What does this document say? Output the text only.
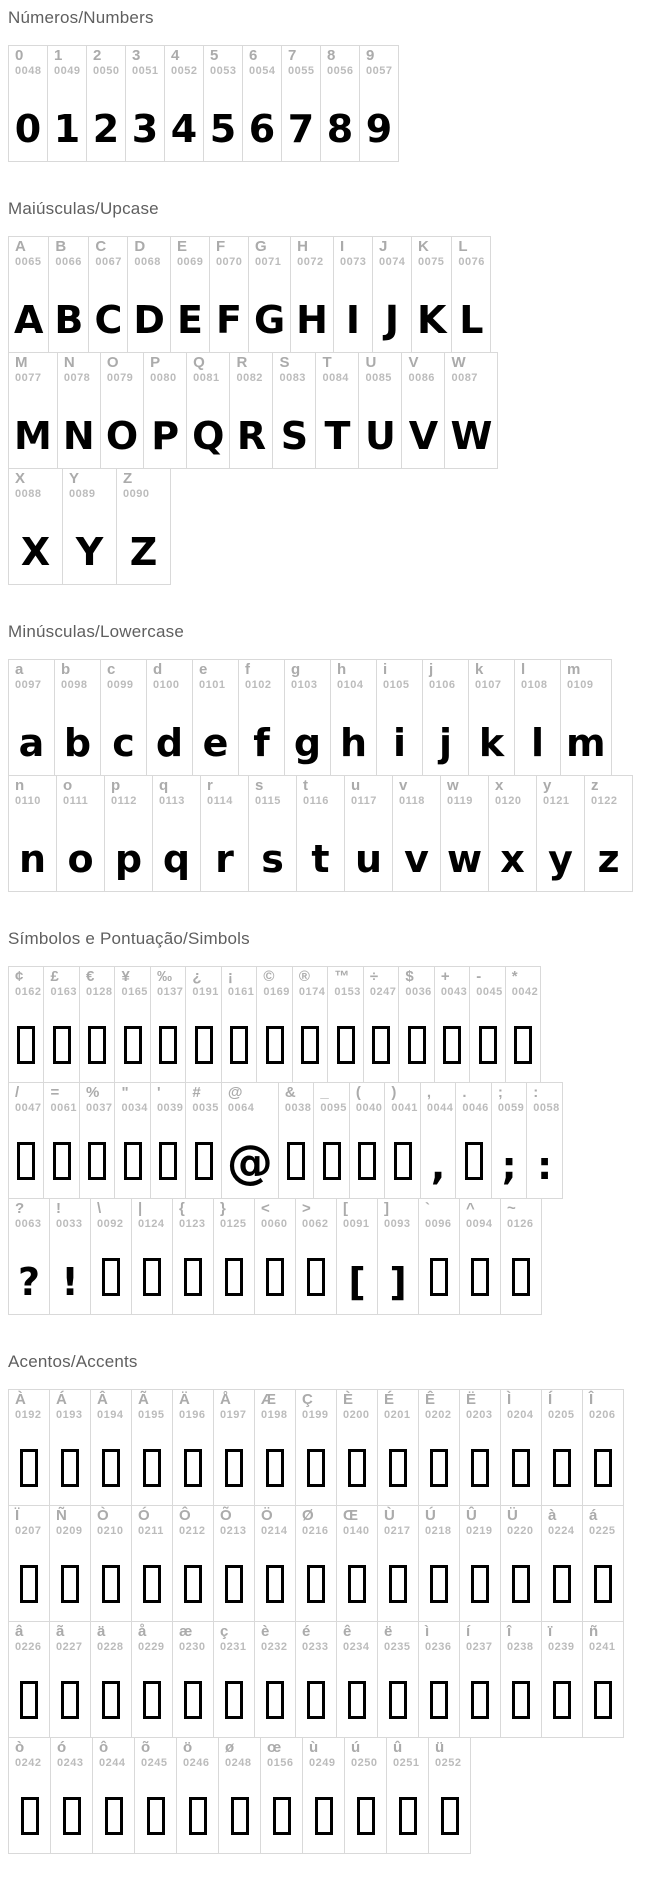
Números/Numbers
0
0048
0
1
0049
1
2
0050
2
3
0051
3
4
0052
4
5
0053
5
6
0054
6
7
0055
7
8
0056
8
9
0057
9
Maiúsculas/Upcase
A
0065
A
B
0066
B
C
0067
C
D
0068
D
E
0069
E
F
0070
F
G
0071
G
H
0072
H
I
0073
I
J
0074
J
K
0075
K
L
0076
L
M
0077
M
N
0078
N
O
0079
O
P
0080
P
Q
0081
Q
R
0082
R
S
0083
S
T
0084
T
U
0085
U
V
0086
V
W
0087
W
X
0088
X
Y
0089
Y
Z
0090
Z
Minúsculas/Lowercase
a
0097
a
b
0098
b
c
0099
c
d
0100
d
e
0101
e
f
0102
f
g
0103
g
h
0104
h
i
0105
i
j
0106
j
k
0107
k
l
0108
l
m
0109
m
n
0110
n
o
0111
o
p
0112
p
q
0113
q
r
0114
r
s
0115
s
t
0116
t
u
0117
u
v
0118
v
w
0119
w
x
0120
x
y
0121
y
z
0122
z
Símbolos e Pontuação/Simbols
¢
0162
£
0163
€
0128
¥
0165
‰
0137
¿
0191
¡
0161
©
0169
®
0174
™
0153
÷
0247
$
0036
+
0043
-
0045
*
0042
/
0047
=
0061
%
0037
"
0034
'
0039
#
0035
@
0064
@
&
0038
_
0095
(
0040
)
0041
,
0044
,
.
0046
;
0059
;
:
0058
:
?
0063
?
!
0033
!
\
0092
|
0124
{
0123
}
0125
<
0060
>
0062
[
0091
[
]
0093
]
`
0096
^
0094
~
0126
Acentos/Accents
À
0192
Á
0193
Â
0194
Ã
0195
Ä
0196
Å
0197
Æ
0198
Ç
0199
È
0200
É
0201
Ê
0202
Ë
0203
Ì
0204
Í
0205
Î
0206
Ï
0207
Ñ
0209
Ò
0210
Ó
0211
Ô
0212
Õ
0213
Ö
0214
Ø
0216
Œ
0140
Ù
0217
Ú
0218
Û
0219
Ü
0220
à
0224
á
0225
â
0226
ã
0227
ä
0228
å
0229
æ
0230
ç
0231
è
0232
é
0233
ê
0234
ë
0235
ì
0236
í
0237
î
0238
ï
0239
ñ
0241
ò
0242
ó
0243
ô
0244
õ
0245
ö
0246
ø
0248
œ
0156
ù
0249
ú
0250
û
0251
ü
0252
